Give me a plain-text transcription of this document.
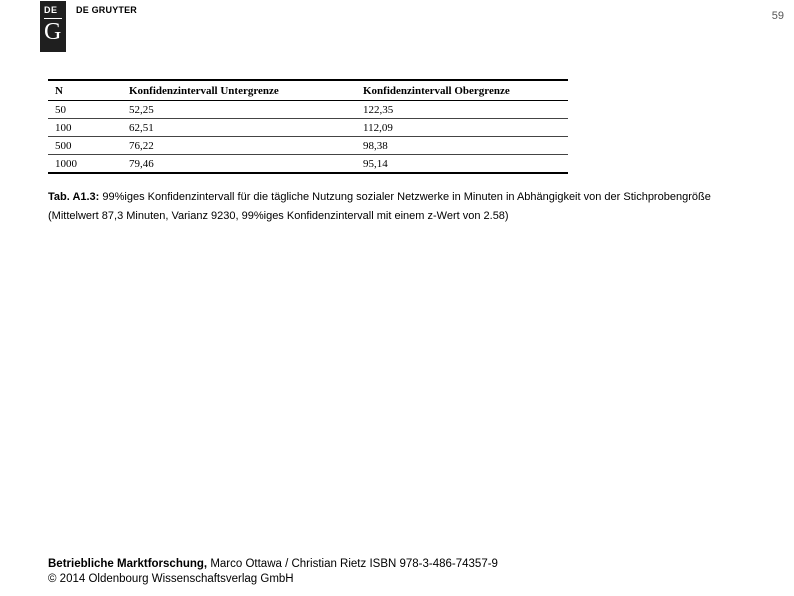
DE
G
DE GRUYTER	59
N	Konfidenzintervall Untergrenze	Konfidenzintervall Obergrenze
50	52,25	122,35
100	62,51	112,09
500	76,22	98,38
1000	79,46	95,14
Tab. A1.3: 99%iges Konfidenzintervall für die tägliche Nutzung sozialer Netzwerke in Minuten in Abhängigkeit von der Stichprobengröße (Mittelwert 87,3 Minuten, Varianz 9230, 99%iges Konfidenzintervall mit einem z-Wert von 2.58)
Betriebliche Marktforschung, Marco Ottawa / Christian Rietz ISBN 978-3-486-74357-9
© 2014 Oldenbourg Wissenschaftsverlag GmbH
